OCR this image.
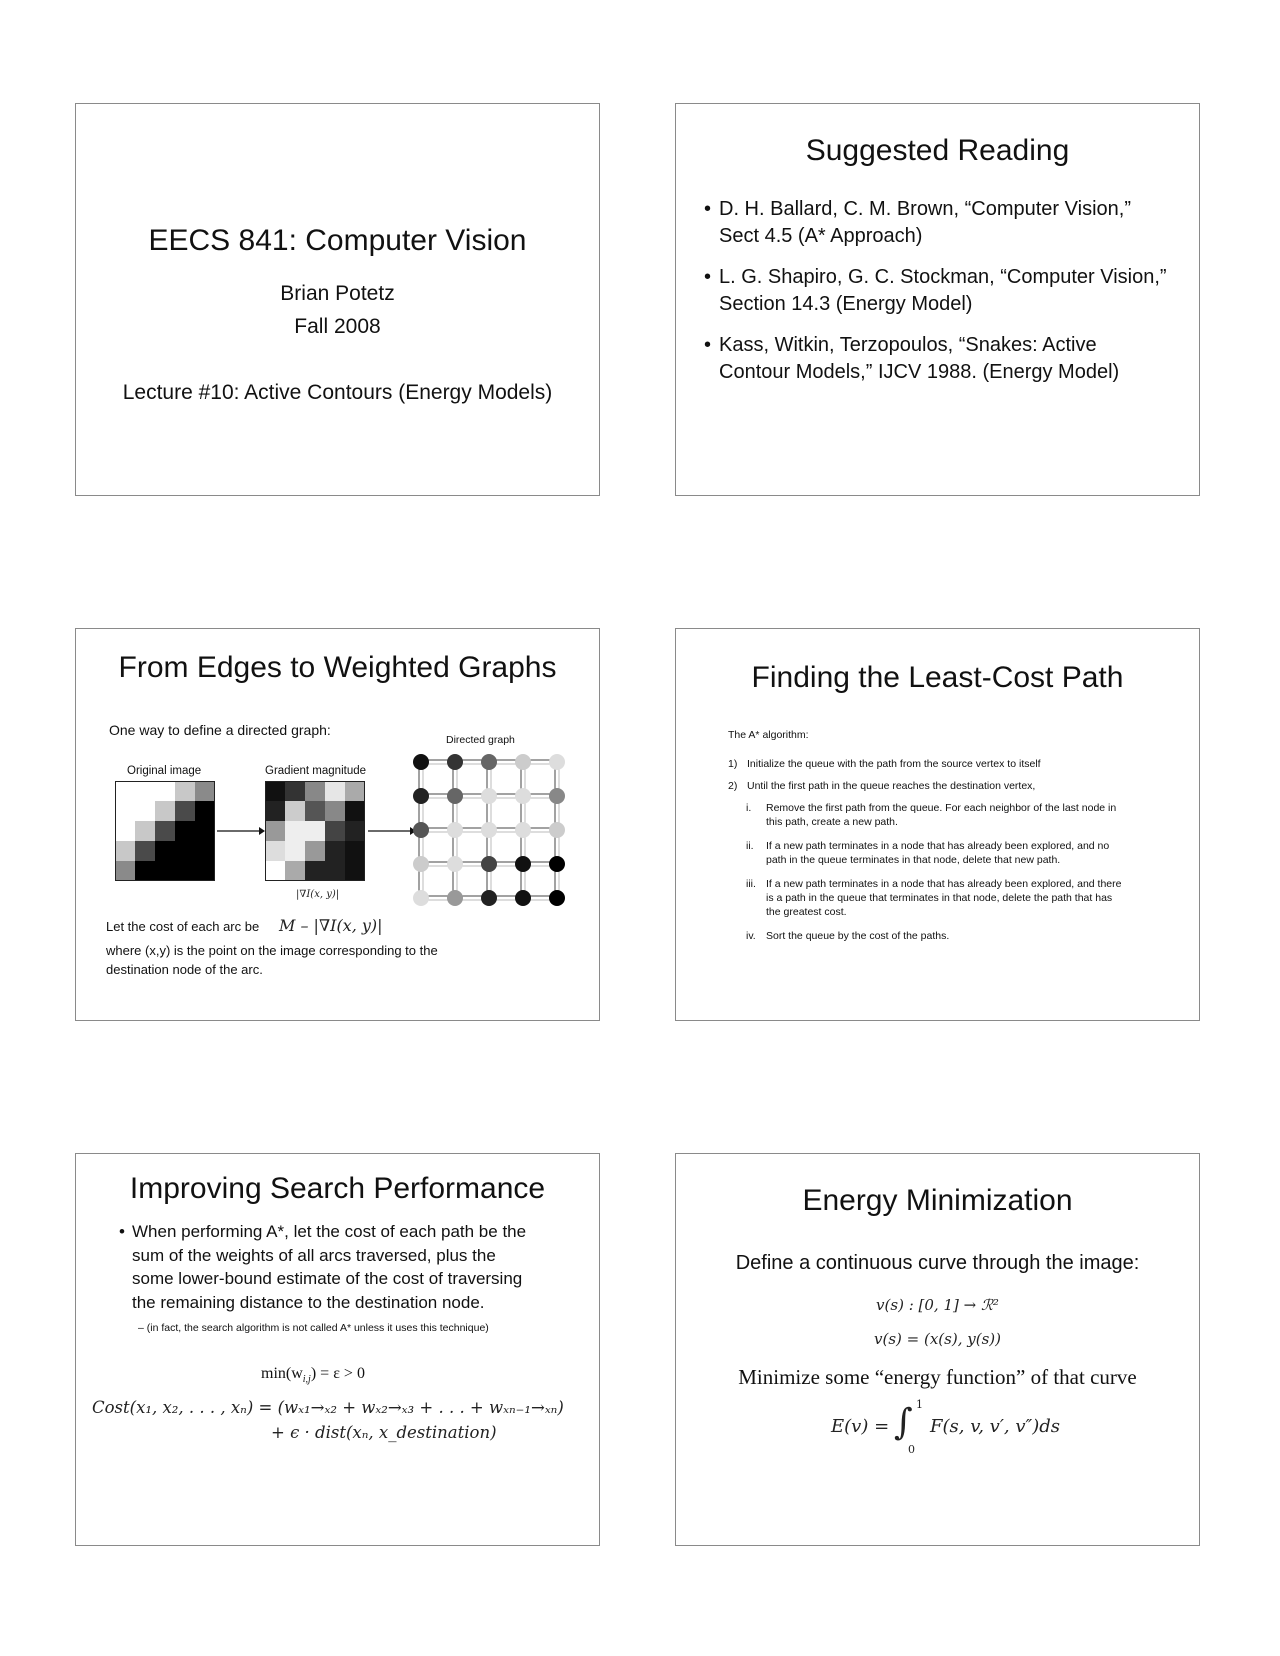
EECS 841: Computer Vision
Brian Potetz
Fall 2008
Lecture #10: Active Contours (Energy Models)
Suggested Reading
• D. H. Ballard, C. M. Brown, “Computer Vision,”
Sect 4.5 (A* Approach)
• L. G. Shapiro, G. C. Stockman, “Computer Vision,”
Section 14.3 (Energy Model)
• Kass, Witkin, Terzopoulos, “Snakes: Active
Contour Models,” IJCV 1988. (Energy Model)
From Edges to Weighted Graphs
One way to define a directed graph:
Directed graph
Original image	Gradient magnitude
|∇I(x, y)|
Let the cost of each arc be M – |∇I(x, y)|
where (x,y) is the point on the image corresponding to the
destination node of the arc.
Finding the Least-Cost Path
The A* algorithm:
1) Initialize the queue with the path from the source vertex to itself
2) Until the first path in the queue reaches the destination vertex,
i. Remove the first path from the queue. For each neighbor of the last node in
this path, create a new path.
ii. If a new path terminates in a node that has already been explored, and no
path in the queue terminates in that node, delete that new path.
iii. If a new path terminates in a node that has already been explored, and there
is a path in the queue that terminates in that node, delete the path that has
the greatest cost.
iv. Sort the queue by the cost of the paths.
Improving Search Performance
• When performing A*, let the cost of each path be the
sum of the weights of all arcs traversed, plus the
some lower-bound estimate of the cost of traversing
the remaining distance to the destination node.
– (in fact, the search algorithm is not called A* unless it uses this technique)
$\min(w_{i,j}) = \varepsilon > 0$
Cost(x₁, x₂, . . . , xₙ) = (wₓ₁→ₓ₂ + wₓ₂→ₓ₃ + . . . + wₓₙ₋₁→ₓₙ)
+ ϵ · dist(xₙ, x_destination)
Energy Minimization
Define a continuous curve through the image:
v(s) : [0, 1] → ℛ²
v(s) = (x(s), y(s))
Minimize some “energy function” of that curve
E(v) = ∫ 1
0
F(s, v, v′, v″)ds
